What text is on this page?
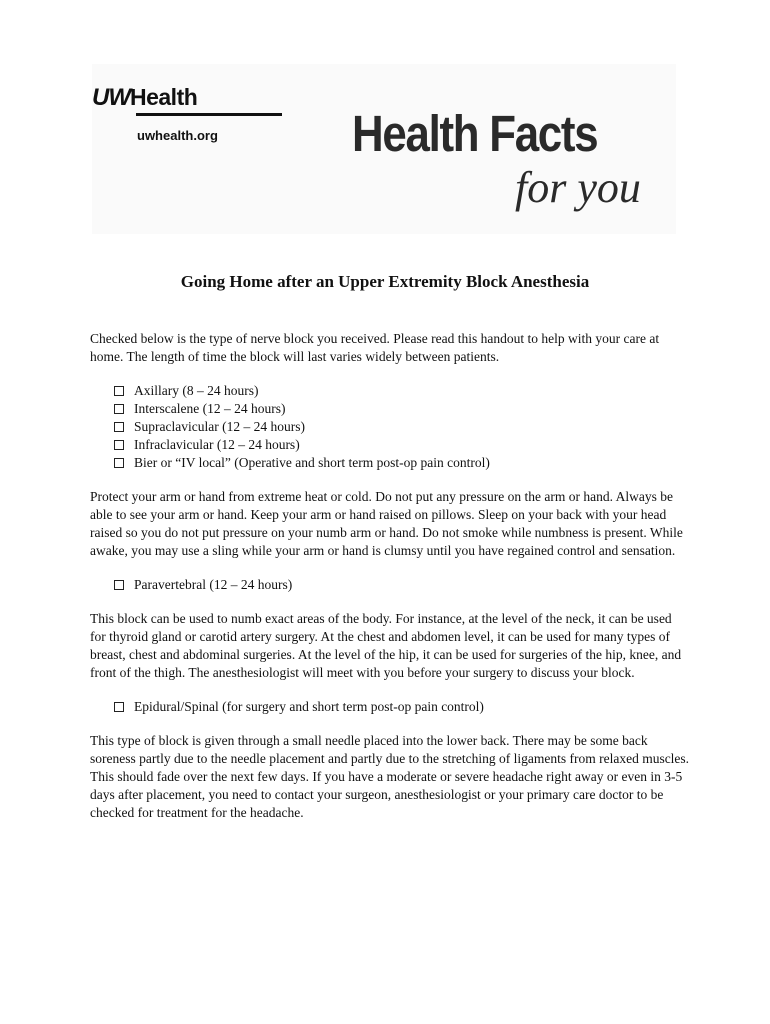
UWHealth
uwhealth.org	Health Facts
for you
Going Home after an Upper Extremity Block Anesthesia

Checked below is the type of nerve block you received. Please read this handout to help with your care at home. The length of time the block will last varies widely between patients.

Axillary (8 – 24 hours)
Interscalene (12 – 24 hours)
Supraclavicular (12 – 24 hours)
Infraclavicular (12 – 24 hours)
Bier or “IV local” (Operative and short term post-op pain control)

Protect your arm or hand from extreme heat or cold. Do not put any pressure on the arm or hand. Always be able to see your arm or hand. Keep your arm or hand raised on pillows. Sleep on your back with your head raised so you do not put pressure on your numb arm or hand. Do not smoke while numbness is present. While awake, you may use a sling while your arm or hand is clumsy until you have regained control and sensation.

Paravertebral (12 – 24 hours)

This block can be used to numb exact areas of the body. For instance, at the level of the neck, it can be used for thyroid gland or carotid artery surgery. At the chest and abdomen level, it can be used for many types of breast, chest and abdominal surgeries. At the level of the hip, it can be used for surgeries of the hip, knee, and front of the thigh. The anesthesiologist will meet with you before your surgery to discuss your block.

Epidural/Spinal (for surgery and short term post-op pain control)

This type of block is given through a small needle placed into the lower back. There may be some back soreness partly due to the needle placement and partly due to the stretching of ligaments from relaxed muscles. This should fade over the next few days. If you have a moderate or severe headache right away or even in 3-5 days after placement, you need to contact your surgeon, anesthesiologist or your primary care doctor to be checked for treatment for the headache.
